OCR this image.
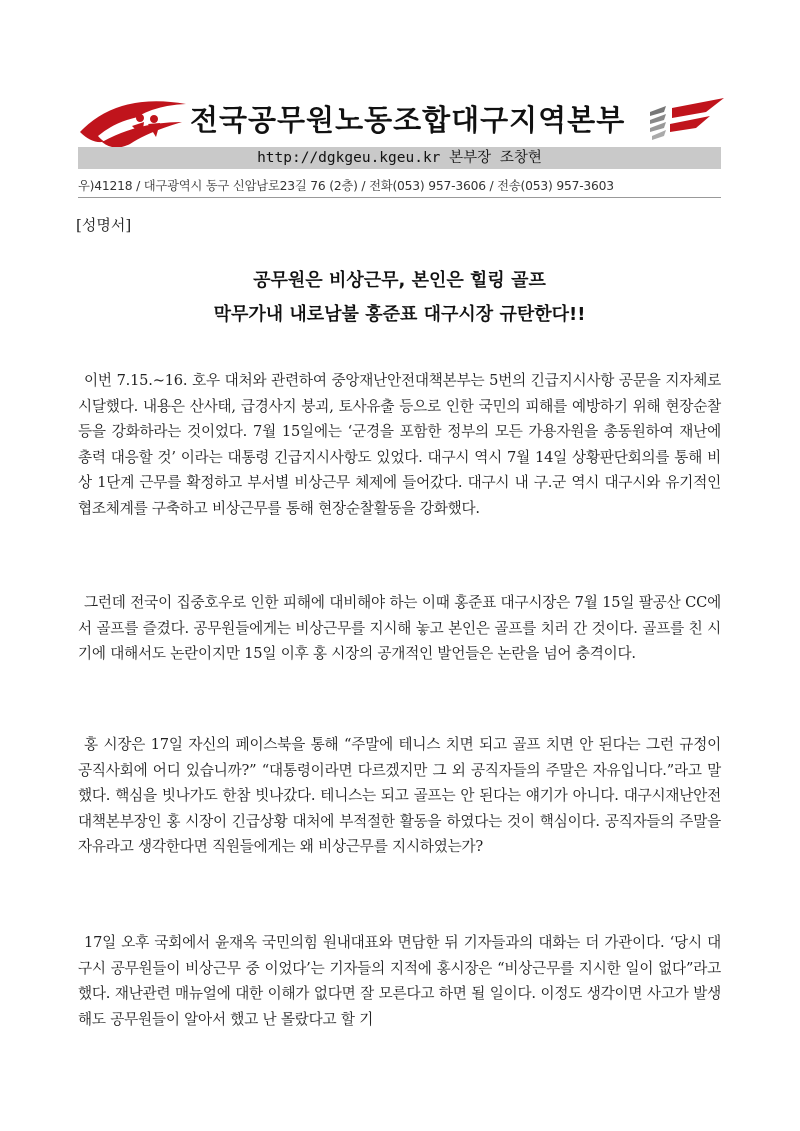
전국공무원노동조합대구지역본부
http://dgkgeu.kgeu.kr 본부장 조창현
우)41218 / 대구광역시 동구 신암남로23길 76 (2층) / 전화(053) 957-3606 / 전송(053) 957-3603
[성명서]
공무원은 비상근무, 본인은 힐링 골프
막무가내 내로남불 홍준표 대구시장 규탄한다!!
이번 7.15.~16. 호우 대처와 관련하여 중앙재난안전대책본부는 5번의 긴급지시사항 공문을 지자체로 시달했다. 내용은 산사태, 급경사지 붕괴, 토사유출 등으로 인한 국민의 피해를 예방하기 위해 현장순찰 등을 강화하라는 것이었다. 7월 15일에는 ‘군경을 포함한 정부의 모든 가용자원을 총동원하여 재난에 총력 대응할 것’ 이라는 대통령 긴급지시사항도 있었다. 대구시 역시 7월 14일 상황판단회의를 통해 비상 1단계 근무를 확정하고 부서별 비상근무 체제에 들어갔다. 대구시 내 구.군 역시 대구시와 유기적인 협조체계를 구축하고 비상근무를 통해 현장순찰활동을 강화했다.
그런데 전국이 집중호우로 인한 피해에 대비해야 하는 이때 홍준표 대구시장은 7월 15일 팔공산 CC에서 골프를 즐겼다. 공무원들에게는 비상근무를 지시해 놓고 본인은 골프를 치러 간 것이다. 골프를 친 시기에 대해서도 논란이지만 15일 이후 홍 시장의 공개적인 발언들은 논란을 넘어 충격이다.
홍 시장은 17일 자신의 페이스북을 통해 “주말에 테니스 치면 되고 골프 치면 안 된다는 그런 규정이 공직사회에 어디 있습니까?” “대통령이라면 다르겠지만 그 외 공직자들의 주말은 자유입니다.”라고 말했다. 핵심을 빗나가도 한참 빗나갔다. 테니스는 되고 골프는 안 된다는 얘기가 아니다. 대구시재난안전대책본부장인 홍 시장이 긴급상황 대처에 부적절한 활동을 하였다는 것이 핵심이다. 공직자들의 주말을 자유라고 생각한다면 직원들에게는 왜 비상근무를 지시하였는가?
17일 오후 국회에서 윤재옥 국민의힘 원내대표와 면담한 뒤 기자들과의 대화는 더 가관이다. ‘당시 대구시 공무원들이 비상근무 중 이었다’는 기자들의 지적에 홍시장은 “비상근무를 지시한 일이 없다”라고 했다. 재난관련 매뉴얼에 대한 이해가 없다면 잘 모른다고 하면 될 일이다. 이정도 생각이면 사고가 발생해도 공무원들이 알아서 했고 난 몰랐다고 할 기
